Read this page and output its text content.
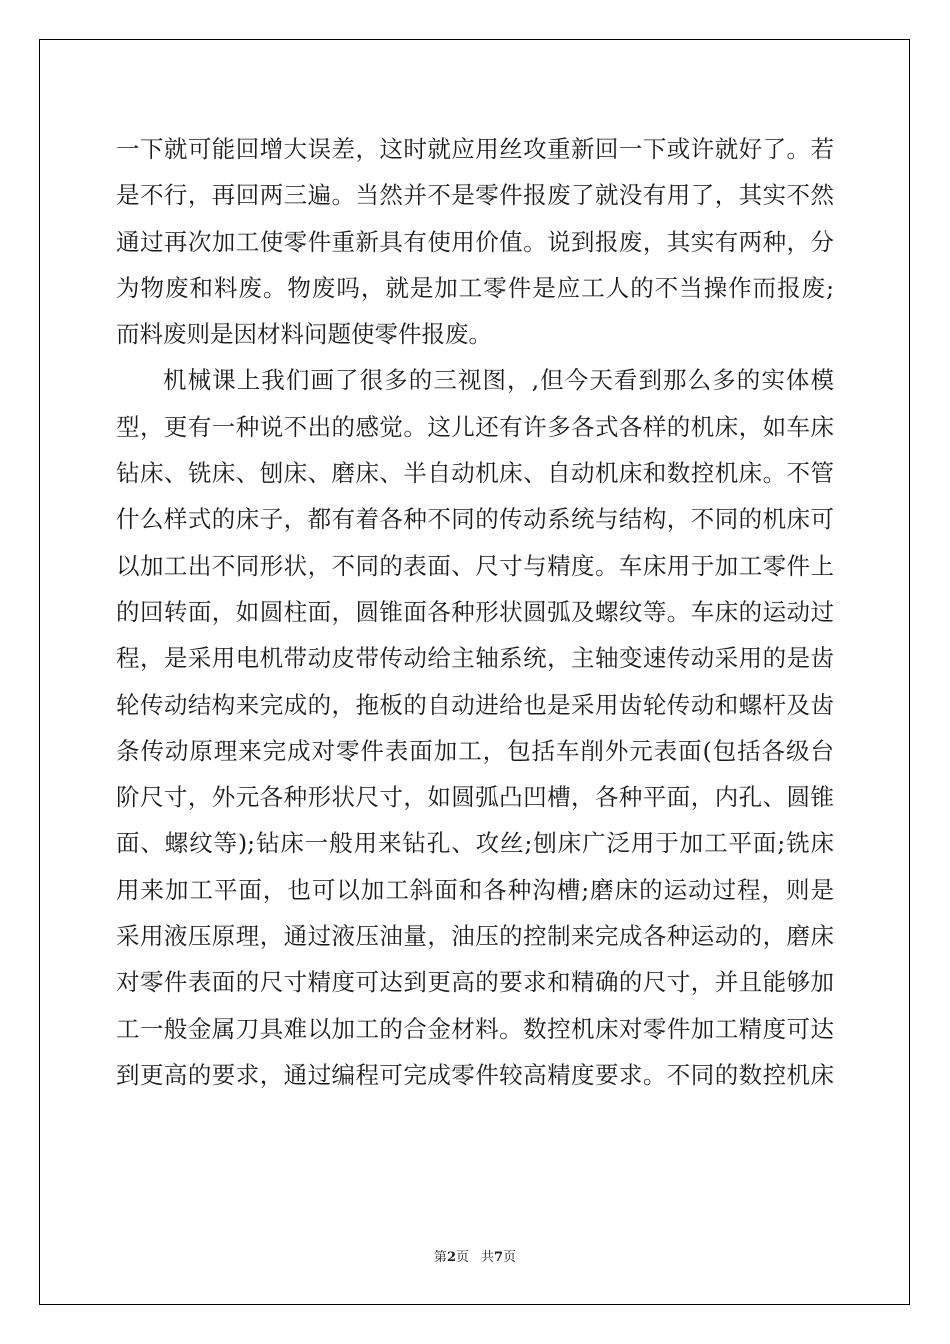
一下就可能回增大误差，这时就应用丝攻重新回一下或许就好了。若
是不行，再回两三遍。当然并不是零件报废了就没有用了，其实不然
通过再次加工使零件重新具有使用价值。说到报废，其实有两种，分
为物废和料废。物废吗，就是加工零件是应工人的不当操作而报废;
而料废则是因材料问题使零件报废。
机械课上我们画了很多的三视图，,但今天看到那么多的实体模
型，更有一种说不出的感觉。这儿还有许多各式各样的机床，如车床
钻床、铣床、刨床、磨床、半自动机床、自动机床和数控机床。不管
什么样式的床子，都有着各种不同的传动系统与结构，不同的机床可
以加工出不同形状，不同的表面、尺寸与精度。车床用于加工零件上
的回转面，如圆柱面，圆锥面各种形状圆弧及螺纹等。车床的运动过
程，是采用电机带动皮带传动给主轴系统，主轴变速传动采用的是齿
轮传动结构来完成的，拖板的自动进给也是采用齿轮传动和螺杆及齿
条传动原理来完成对零件表面加工，包括车削外元表面(包括各级台
阶尺寸，外元各种形状尺寸，如圆弧凸凹槽，各种平面，内孔、圆锥
面、螺纹等);钻床一般用来钻孔、攻丝;刨床广泛用于加工平面;铣床
用来加工平面，也可以加工斜面和各种沟槽;磨床的运动过程，则是
采用液压原理，通过液压油量，油压的控制来完成各种运动的，磨床
对零件表面的尺寸精度可达到更高的要求和精确的尺寸，并且能够加
工一般金属刀具难以加工的合金材料。数控机床对零件加工精度可达
到更高的要求，通过编程可完成零件较高精度要求。不同的数控机床
第2页 共7页
